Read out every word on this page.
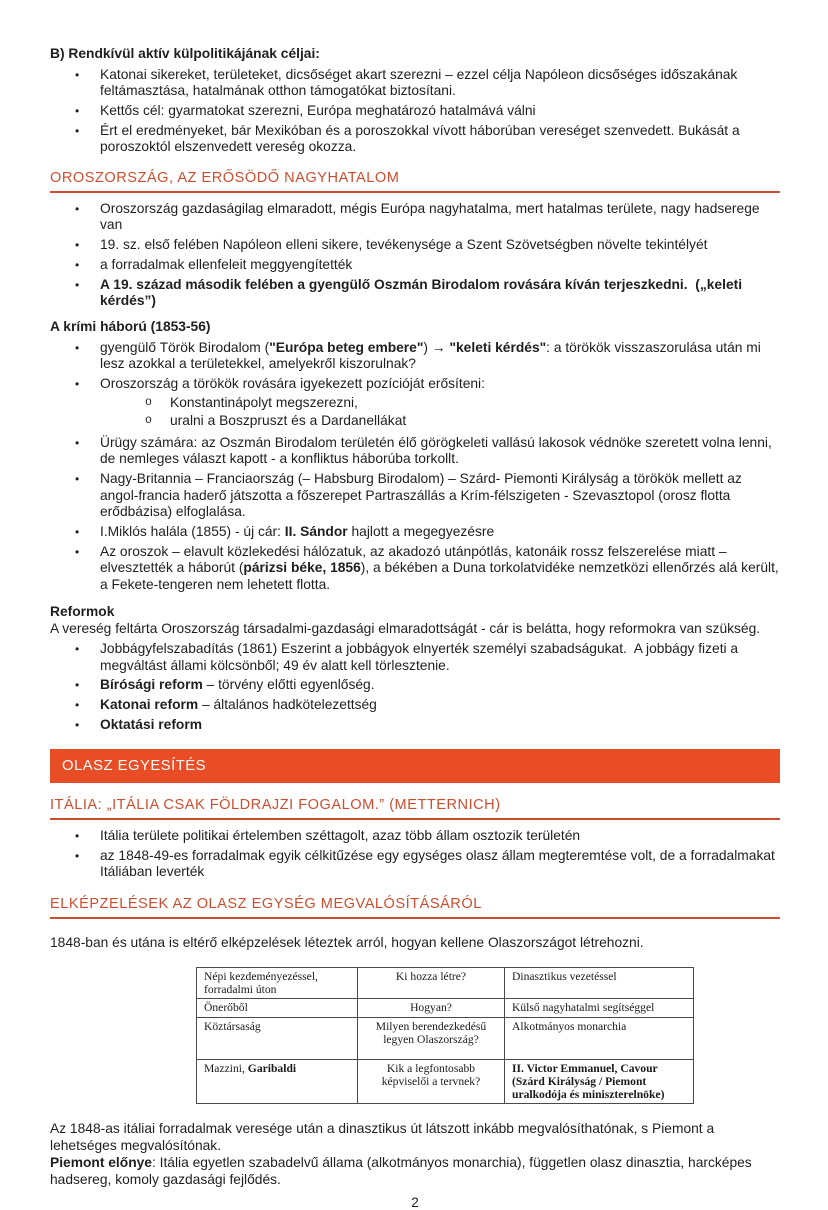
B) Rendkívül aktív külpolitikájának céljai:

•	Katonai sikereket, területeket, dicsőséget akart szerezni – ezzel célja Napóleon dicsőséges időszakának feltámasztása, hatalmának otthon támogatókat biztosítani.
•	Kettős cél: gyarmatokat szerezni, Európa meghatározó hatalmává válni
•	Ért el eredményeket, bár Mexikóban és a poroszokkal vívott háborúban vereséget szenvedett. Bukását a poroszoktól elszenvedett vereség okozza.
OROSZORSZÁG, AZ ERŐSÖDŐ NAGYHATALOM
•	Oroszország gazdaságilag elmaradott, mégis Európa nagyhatalma, mert hatalmas területe, nagy hadserege van
•	19. sz. első felében Napóleon elleni sikere, tevékenysége a Szent Szövetségben növelte tekintélyét
•	a forradalmak ellenfeleit meggyengítették
•	A 19. század második felében a gyengülő Oszmán Birodalom rovására kíván terjeszkedni.  („keleti kérdés”)

A krími háború (1853-56)

•	gyengülő Török Birodalom ("Európa beteg embere") → "keleti kérdés": a törökök visszaszorulása után mi lesz azokkal a területekkel, amelyekről kiszorulnak?
•	Oroszország a törökök rovására igyekezett pozícióját erősíteni:
o	Konstantinápolyt megszerezni,
o	uralni a Boszpruszt és a Dardanellákat
•	Ürügy számára: az Oszmán Birodalom területén élő görögkeleti vallású lakosok védnöke szeretett volna lenni, de nemleges választ kapott - a konfliktus háborúba torkollt.
•	Nagy-Britannia – Franciaország (– Habsburg Birodalom) – Szárd- Piemonti Királyság a törökök mellett az angol-francia haderő játszotta a főszerepet Partraszállás a Krím-félszigeten - Szevasztopol (orosz flotta erődbázisa) elfoglalása.
•	I.Miklós halála (1855) - új cár: II. Sándor hajlott a megegyezésre
•	Az oroszok – elavult közlekedési hálózatuk, az akadozó utánpótlás, katonáik rossz felszerelése miatt – elvesztették a háborút (párizsi béke, 1856), a békében a Duna torkolatvidéke nemzetközi ellenőrzés alá került, a Fekete-tengeren nem lehetett flotta.

Reformok

A vereség feltárta Oroszország társadalmi-gazdasági elmaradottságát - cár is belátta, hogy reformokra van szükség.

•	Jobbágyfelszabadítás (1861) Eszerint a jobbágyok elnyerték személyi szabadságukat.  A jobbágy fizeti a megváltást állami kölcsönből; 49 év alatt kell törlesztenie.
•	Bírósági reform – törvény előtti egyenlőség.
•	Katonai reform – általános hadkötelezettség
•	Oktatási reform
OLASZ EGYESÍTÉS
ITÁLIA: „ITÁLIA CSAK FÖLDRAJZI FOGALOM.” (METTERNICH)
•	Itália területe politikai értelemben széttagolt, azaz több állam osztozik területén
•	az 1848-49-es forradalmak egyik célkitűzése egy egységes olasz állam megteremtése volt, de a forradalmakat Itáliában leverték
ELKÉPZELÉSEK AZ OLASZ EGYSÉG MEGVALÓSÍTÁSÁRÓL

1848-ban és utána is eltérő elképzelések léteztek arról, hogyan kellene Olaszországot létrehozni.

Népi kezdeményezéssel, forradalmi úton	Ki hozza létre?	Dinasztikus vezetéssel
Önerőből	Hogyan?	Külső nagyhatalmi segítséggel
Köztársaság	Milyen berendezkedésű legyen Olaszország?	Alkotmányos monarchia
Mazzini, Garibaldi	Kik a legfontosabb képviselői a tervnek?	II. Victor Emmanuel, Cavour (Szárd Királyság / Piemont uralkodója és miniszterelnöke)

Az 1848-as itáliai forradalmak veresége után a dinasztikus út látszott inkább megvalósíthatónak, s Piemont a lehetséges megvalósítónak.

Piemont előnye: Itália egyetlen szabadelvű állama (alkotmányos monarchia), független olasz dinasztia, harcképes hadsereg, komoly gazdasági fejlődés.

2
